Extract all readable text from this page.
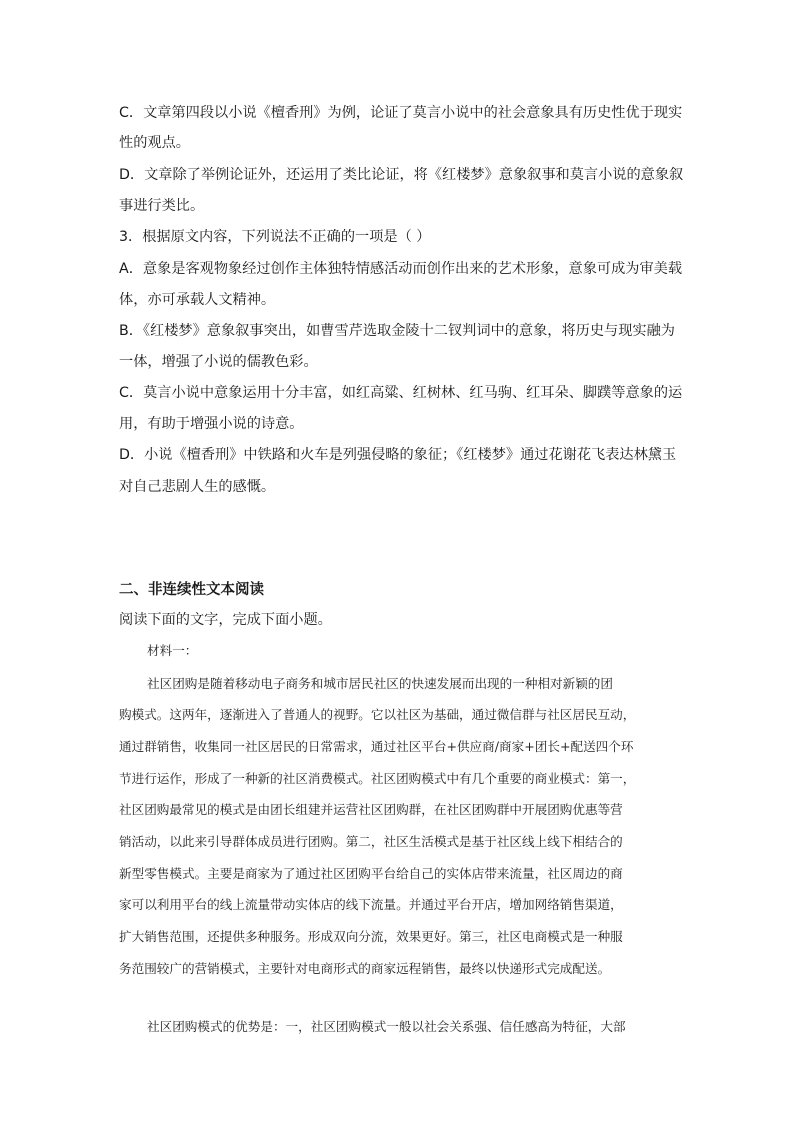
C．文章第四段以小说《檀香刑》为例，论证了莫言小说中的社会意象具有历史性优于现实
性的观点。
D．文章除了举例论证外，还运用了类比论证，将《红楼梦》意象叙事和莫言小说的意象叙
事进行类比。
3．根据原文内容，下列说法不正确的一项是（ ）
A．意象是客观物象经过创作主体独特情感活动而创作出来的艺术形象，意象可成为审美载
体，亦可承载人文精神。
B．《红楼梦》意象叙事突出，如曹雪芹选取金陵十二钗判词中的意象，将历史与现实融为
一体，增强了小说的儒教色彩。
C．莫言小说中意象运用十分丰富，如红高粱、红树林、红马驹、红耳朵、脚蹼等意象的运
用，有助于增强小说的诗意。
D．小说《檀香刑》中铁路和火车是列强侵略的象征；《红楼梦》通过花谢花飞表达林黛玉
对自己悲剧人生的感慨。
二、非连续性文本阅读
阅读下面的文字，完成下面小题。
材料一：
社区团购是随着移动电子商务和城市居民社区的快速发展而出现的一种相对新颖的团
购模式。这两年，逐渐进入了普通人的视野。它以社区为基础，通过微信群与社区居民互动，
通过群销售，收集同一社区居民的日常需求，通过社区平台+供应商/商家+团长+配送四个环
节进行运作，形成了一种新的社区消费模式。社区团购模式中有几个重要的商业模式：第一，
社区团购最常见的模式是由团长组建并运营社区团购群，在社区团购群中开展团购优惠等营
销活动，以此来引导群体成员进行团购。第二，社区生活模式是基于社区线上线下相结合的
新型零售模式。主要是商家为了通过社区团购平台给自己的实体店带来流量，社区周边的商
家可以利用平台的线上流量带动实体店的线下流量。并通过平台开店，增加网络销售渠道，
扩大销售范围，还提供多种服务。形成双向分流，效果更好。第三，社区电商模式是一种服
务范围较广的营销模式，主要针对电商形式的商家远程销售，最终以快递形式完成配送。
社区团购模式的优势是：一，社区团购模式一般以社会关系强、信任感高为特征，大部
